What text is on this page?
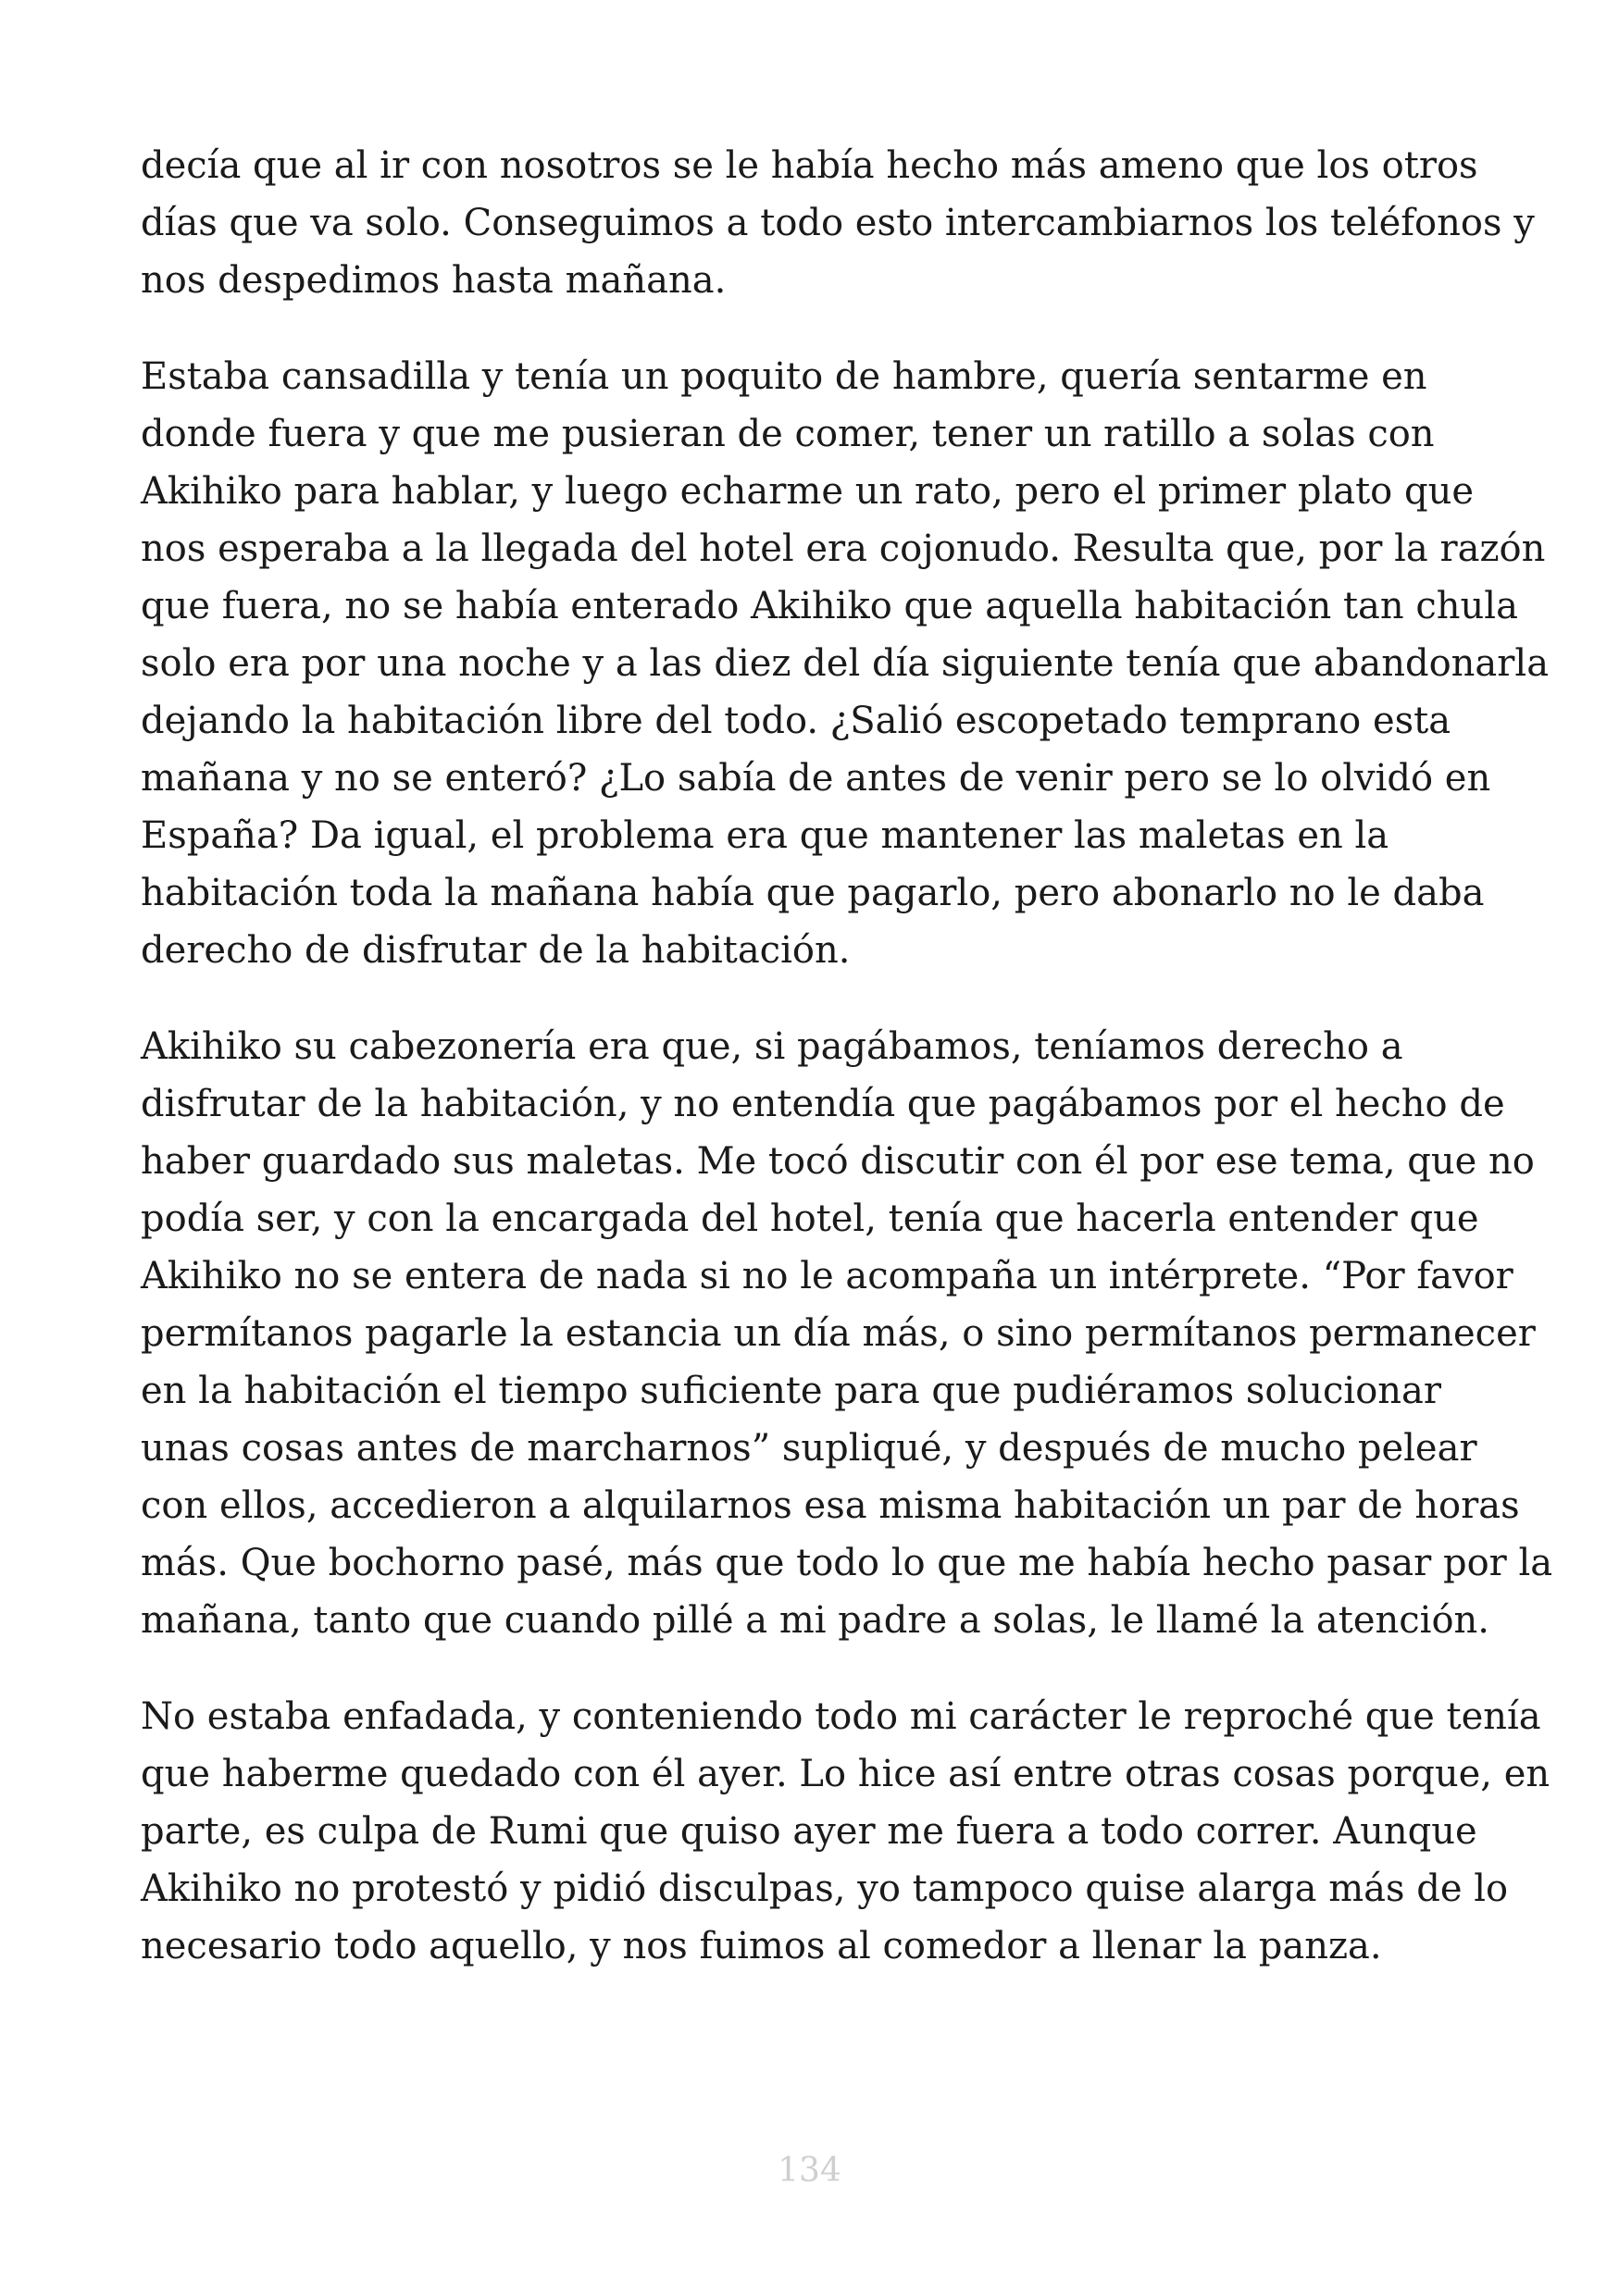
decía que al ir con nosotros se le había hecho más ameno que los otros
días que va solo. Conseguimos a todo esto intercambiarnos los teléfonos y
nos despedimos hasta mañana.

Estaba cansadilla y tenía un poquito de hambre, quería sentarme en
donde fuera y que me pusieran de comer, tener un ratillo a solas con
Akihiko para hablar, y luego echarme un rato, pero el primer plato que
nos esperaba a la llegada del hotel era cojonudo. Resulta que, por la razón
que fuera, no se había enterado Akihiko que aquella habitación tan chula
solo era por una noche y a las diez del día siguiente tenía que abandonarla
dejando la habitación libre del todo. ¿Salió escopetado temprano esta
mañana y no se enteró? ¿Lo sabía de antes de venir pero se lo olvidó en
España? Da igual, el problema era que mantener las maletas en la
habitación toda la mañana había que pagarlo, pero abonarlo no le daba
derecho de disfrutar de la habitación.

Akihiko su cabezonería era que, si pagábamos, teníamos derecho a
disfrutar de la habitación, y no entendía que pagábamos por el hecho de
haber guardado sus maletas. Me tocó discutir con él por ese tema, que no
podía ser, y con la encargada del hotel, tenía que hacerla entender que
Akihiko no se entera de nada si no le acompaña un intérprete. “Por favor
permítanos pagarle la estancia un día más, o sino permítanos permanecer
en la habitación el tiempo suficiente para que pudiéramos solucionar
unas cosas antes de marcharnos” supliqué, y después de mucho pelear
con ellos, accedieron a alquilarnos esa misma habitación un par de horas
más. Que bochorno pasé, más que todo lo que me había hecho pasar por la
mañana, tanto que cuando pillé a mi padre a solas, le llamé la atención.

No estaba enfadada, y conteniendo todo mi carácter le reproché que tenía
que haberme quedado con él ayer. Lo hice así entre otras cosas porque, en
parte, es culpa de Rumi que quiso ayer me fuera a todo correr. Aunque
Akihiko no protestó y pidió disculpas, yo tampoco quise alarga más de lo
necesario todo aquello, y nos fuimos al comedor a llenar la panza.

134
